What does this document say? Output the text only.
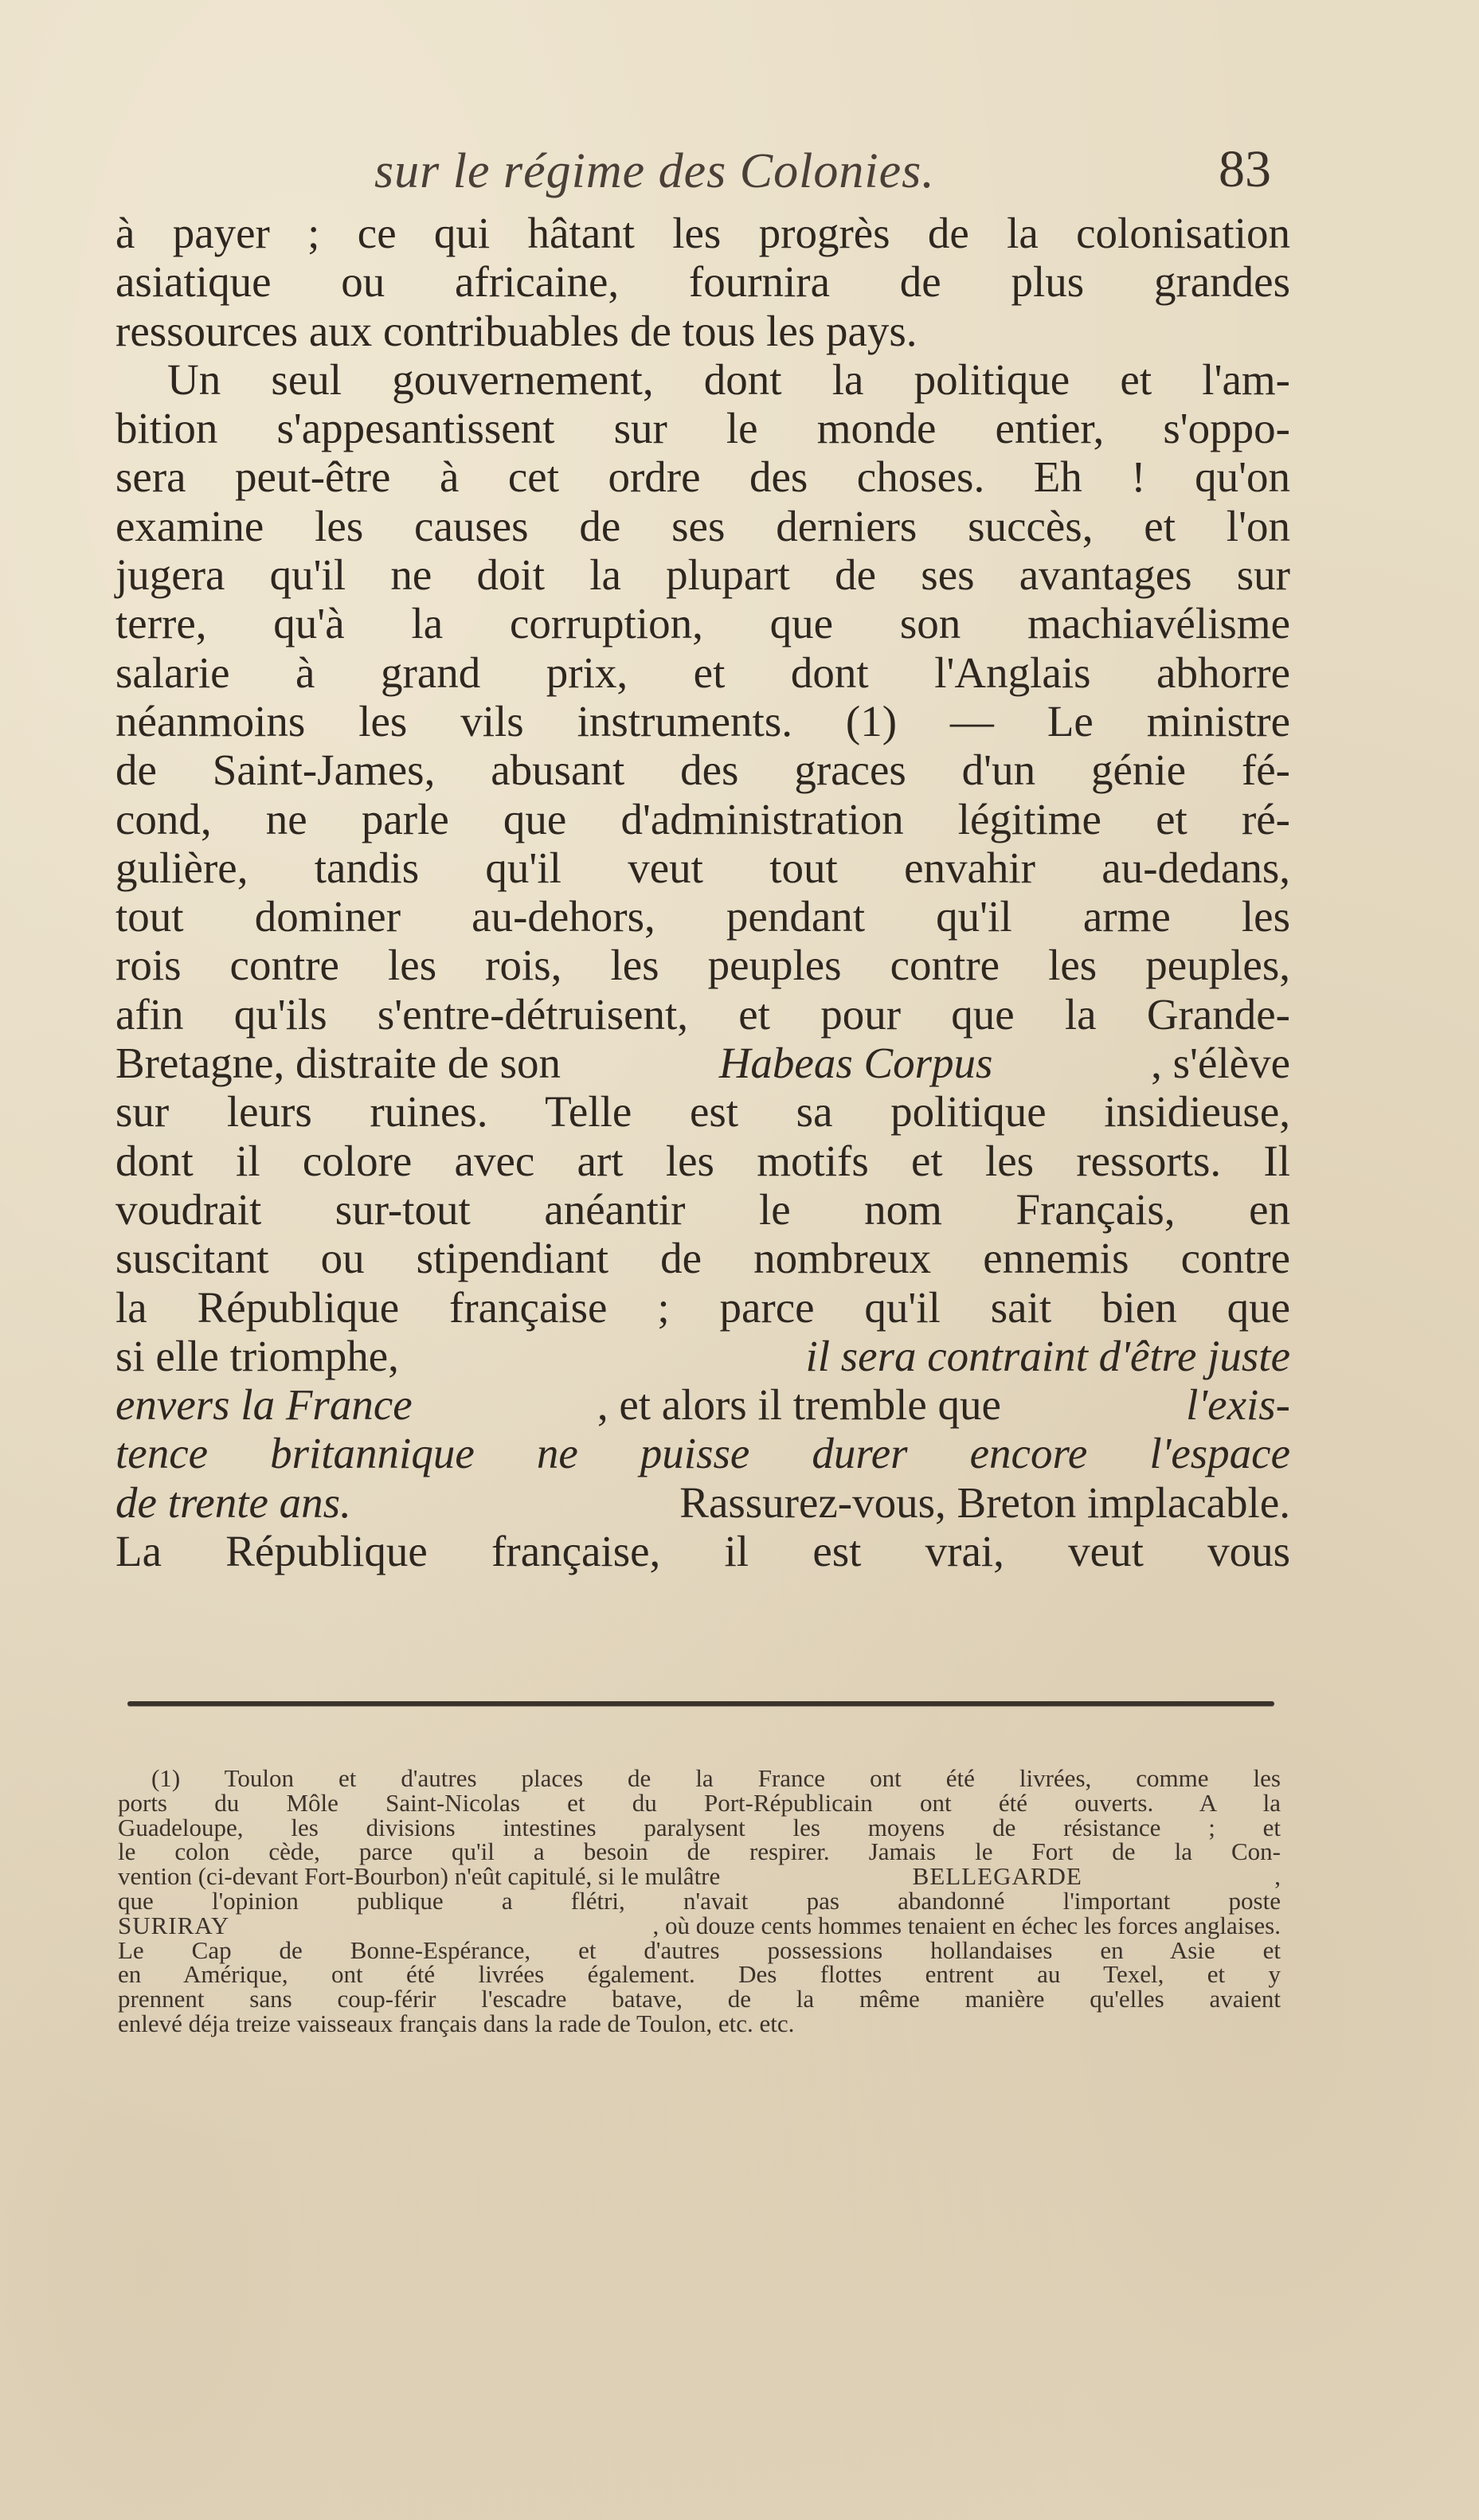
sur le régime des Colonies.	83
à payer ; ce qui hâtant les progrès de la colonisation
asiatique ou africaine, fournira de plus grandes
ressources aux contribuables de tous les pays.
Un seul gouvernement, dont la politique et l'am-
bition s'appesantissent sur le monde entier, s'oppo-
sera peut-être à cet ordre des choses. Eh ! qu'on
examine les causes de ses derniers succès, et l'on
jugera qu'il ne doit la plupart de ses avantages sur
terre, qu'à la corruption, que son machiavélisme
salarie à grand prix, et dont l'Anglais abhorre
néanmoins les vils instruments. (1) — Le ministre
de Saint-James, abusant des graces d'un génie fé-
cond, ne parle que d'administration légitime et ré-
gulière, tandis qu'il veut tout envahir au-dedans,
tout dominer au-dehors, pendant qu'il arme les
rois contre les rois, les peuples contre les peuples,
afin qu'ils s'entre-détruisent, et pour que la Grande-
Bretagne, distraite de son	Habeas Corpus	, s'élève
sur leurs ruines. Telle est sa politique insidieuse,
dont il colore avec art les motifs et les ressorts. Il
voudrait sur-tout anéantir le nom Français, en
suscitant ou stipendiant de nombreux ennemis contre
la République française ; parce qu'il sait bien que
si elle triomphe,	il sera contraint d'être juste
envers la France	, et alors il tremble que	l'exis-
tence britannique ne puisse durer encore l'espace
de trente ans.	Rassurez-vous, Breton implacable.
La République française, il est vrai, veut vous
(1) Toulon et d'autres places de la France ont été livrées, comme les
ports du Môle Saint-Nicolas et du Port-Républicain ont été ouverts. A la
Guadeloupe, les divisions intestines paralysent les moyens de résistance ; et
le colon cède, parce qu'il a besoin de respirer. Jamais le Fort de la Con-
vention (ci-devant Fort-Bourbon) n'eût capitulé, si le mulâtre	BELLEGARDE	,
que l'opinion publique a flétri, n'avait pas abandonné l'important poste
SURIRAY	, où douze cents hommes tenaient en échec les forces anglaises.
Le Cap de Bonne-Espérance, et d'autres possessions hollandaises en Asie et
en Amérique, ont été livrées également. Des flottes entrent au Texel, et y
prennent sans coup-férir l'escadre batave, de la même manière qu'elles avaient
enlevé déja treize vaisseaux français dans la rade de Toulon, etc. etc.
